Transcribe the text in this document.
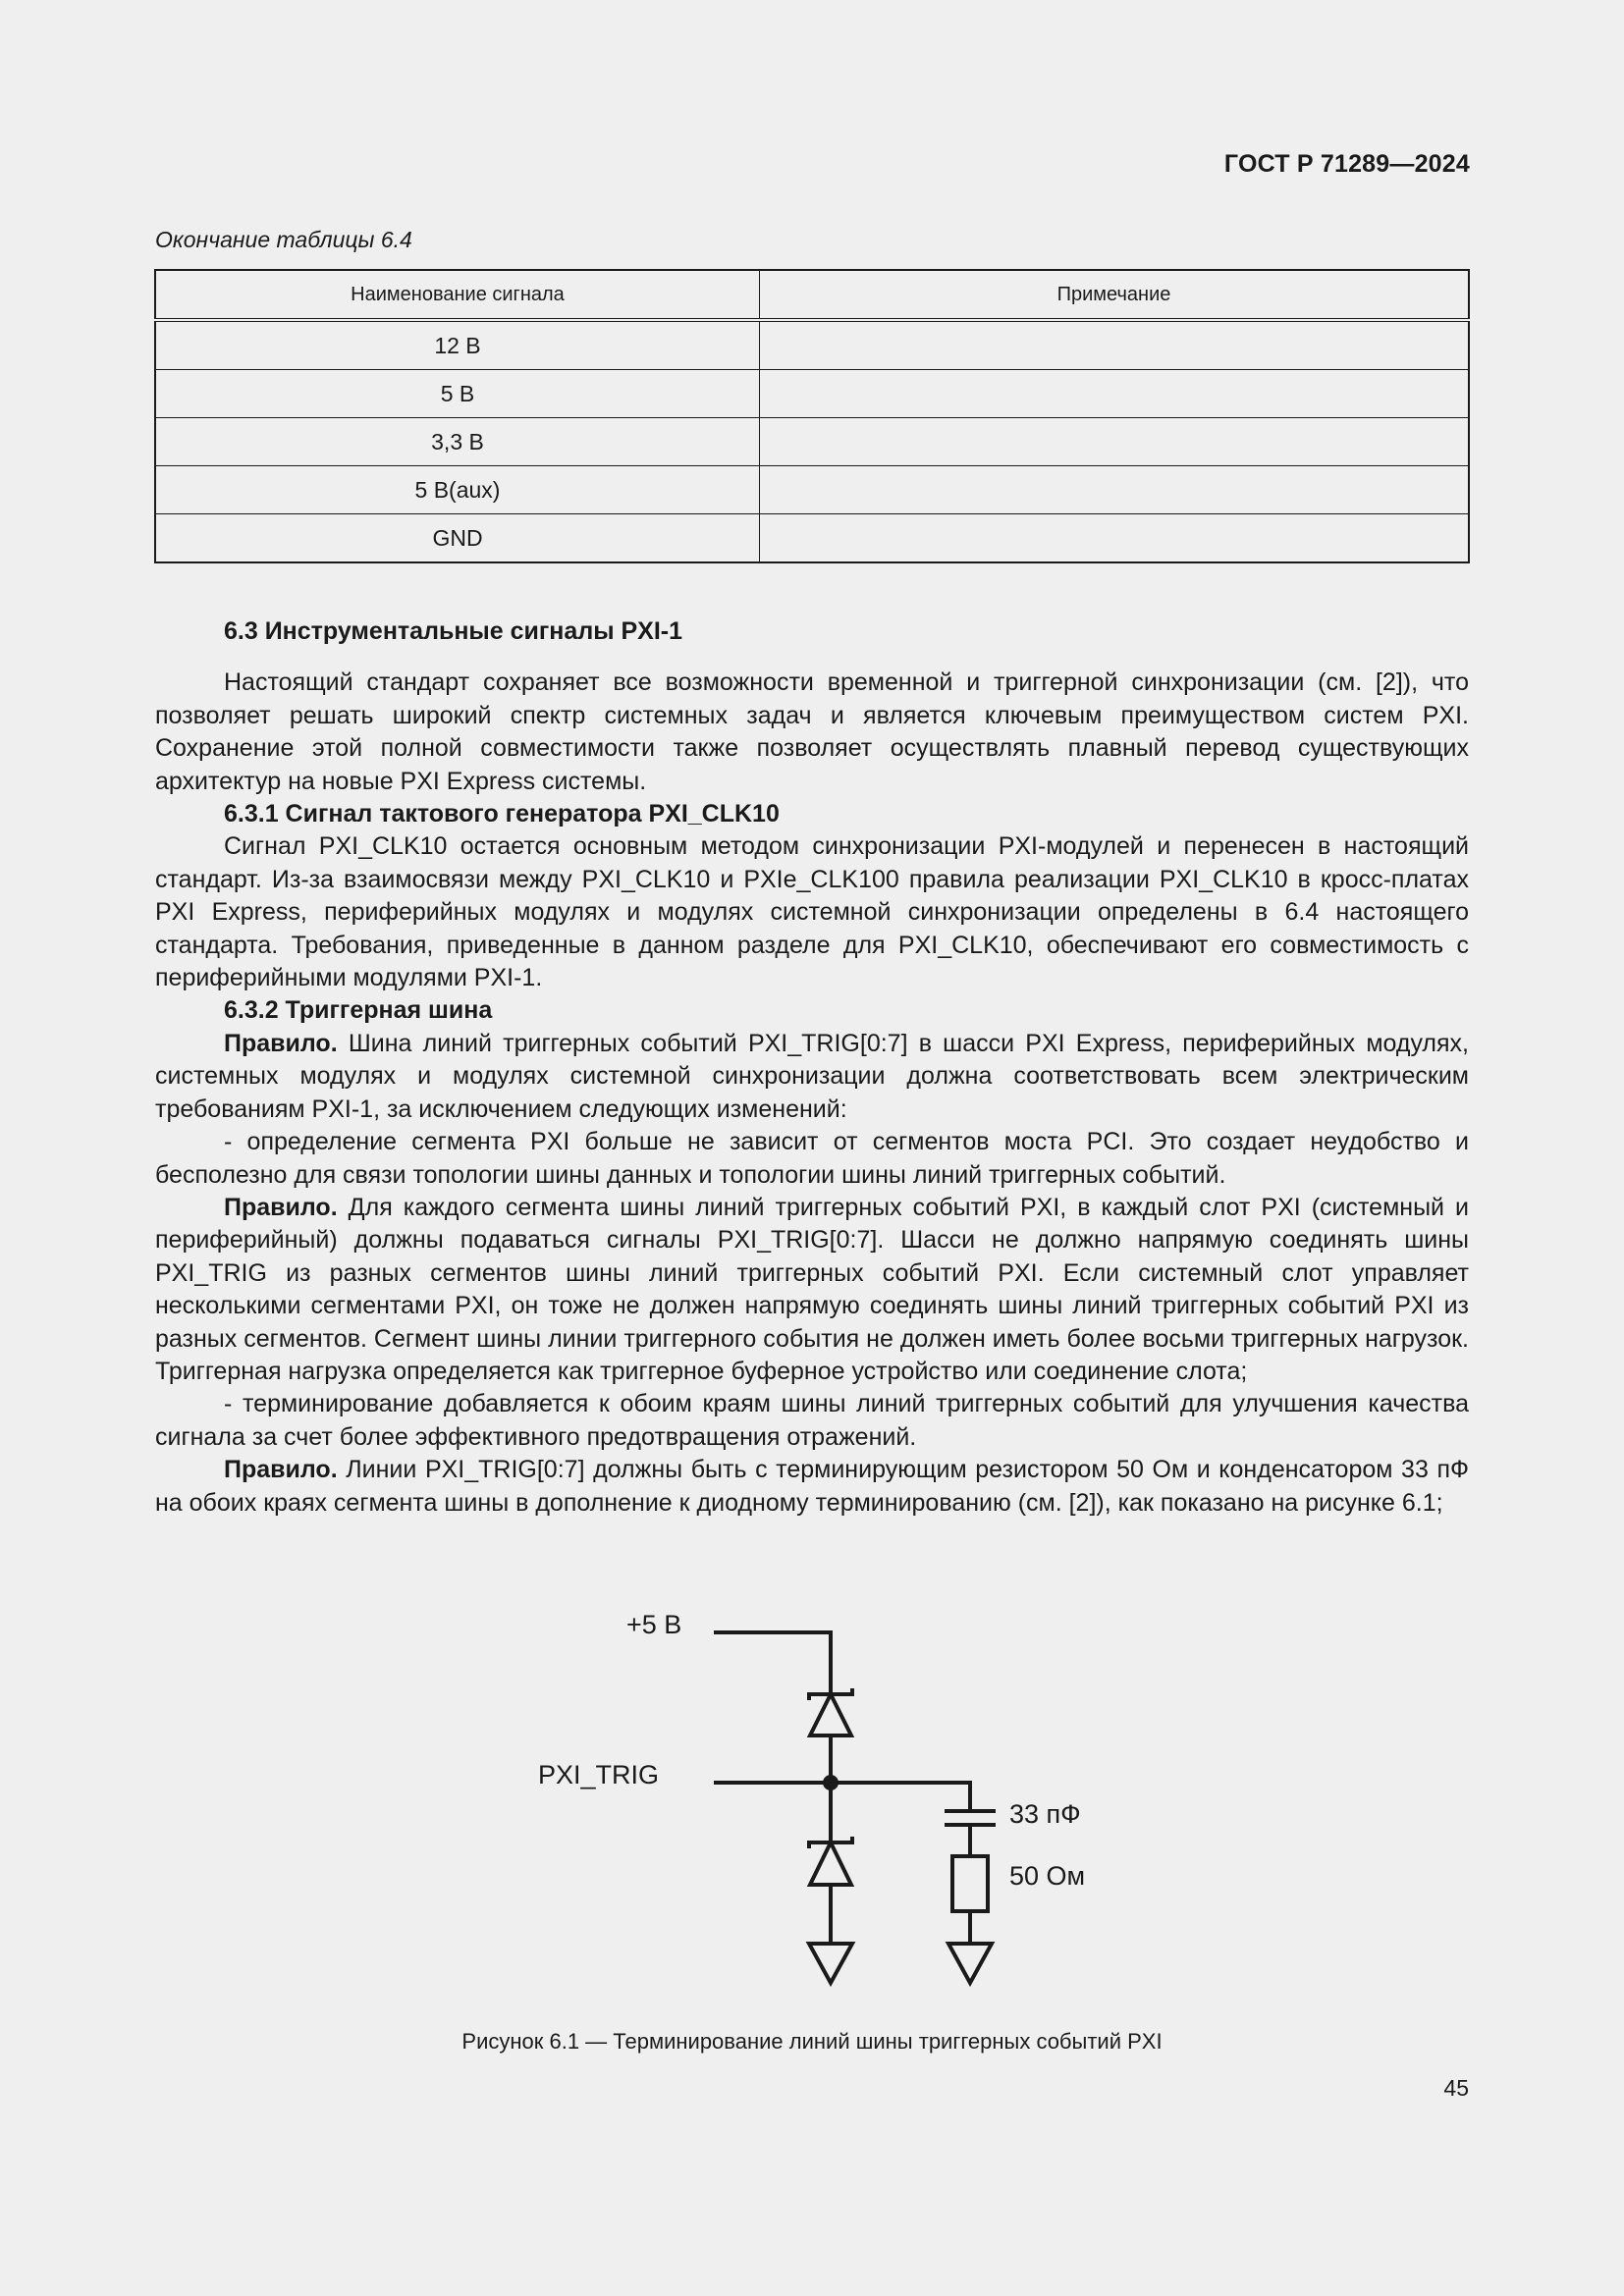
ГОСТ Р 71289—2024
Окончание таблицы 6.4
Наименование сигнала	Примечание
12 В	
5 В	
3,3 В	
5 В(aux)	
GND	

6.3 Инструментальные сигналы PXI-1

Настоящий стандарт сохраняет все возможности временной и триггерной синхронизации (см. [2]), что позволяет решать широкий спектр системных задач и является ключевым преимуществом систем PXI. Сохранение этой полной совместимости также позволяет осуществлять плавный перевод существующих архитектур на новые PXI Express системы.

6.3.1 Сигнал тактового генератора PXI_CLK10

Сигнал PXI_CLK10 остается основным методом синхронизации PXI-модулей и перенесен в настоящий стандарт. Из-за взаимосвязи между PXI_CLK10 и PXIe_CLK100 правила реализации PXI_CLK10 в кросс-платах PXI Express, периферийных модулях и модулях системной синхронизации определены в 6.4 настоящего стандарта. Требования, приведенные в данном разделе для PXI_CLK10, обеспечивают его совместимость с периферийными модулями PXI-1.

6.3.2 Триггерная шина

Правило. Шина линий триггерных событий PXI_TRIG[0:7] в шасси PXI Express, периферийных модулях, системных модулях и модулях системной синхронизации должна соответствовать всем электрическим требованиям PXI-1, за исключением следующих изменений:

- определение сегмента PXI больше не зависит от сегментов моста PCI. Это создает неудобство и бесполезно для связи топологии шины данных и топологии шины линий триггерных событий.

Правило. Для каждого сегмента шины линий триггерных событий PXI, в каждый слот PXI (системный и периферийный) должны подаваться сигналы PXI_TRIG[0:7]. Шасси не должно напрямую соединять шины PXI_TRIG из разных сегментов шины линий триггерных событий PXI. Если системный слот управляет несколькими сегментами PXI, он тоже не должен напрямую соединять шины линий триггерных событий PXI из разных сегментов. Сегмент шины линии триггерного события не должен иметь более восьми триггерных нагрузок. Триггерная нагрузка определяется как триггерное буферное устройство или соединение слота;

- терминирование добавляется к обоим краям шины линий триггерных событий для улучшения качества сигнала за счет более эффективного предотвращения отражений.

Правило. Линии PXI_TRIG[0:7] должны быть с терминирующим резистором 50 Ом и конденсатором 33 пФ на обоих краях сегмента шины в дополнение к диодному терминированию (см. [2]), как показано на рисунке 6.1;

+5 В
PXI_TRIG
33 пФ
50 Ом
Рисунок 6.1 — Терминирование линий шины триггерных событий PXI
45
